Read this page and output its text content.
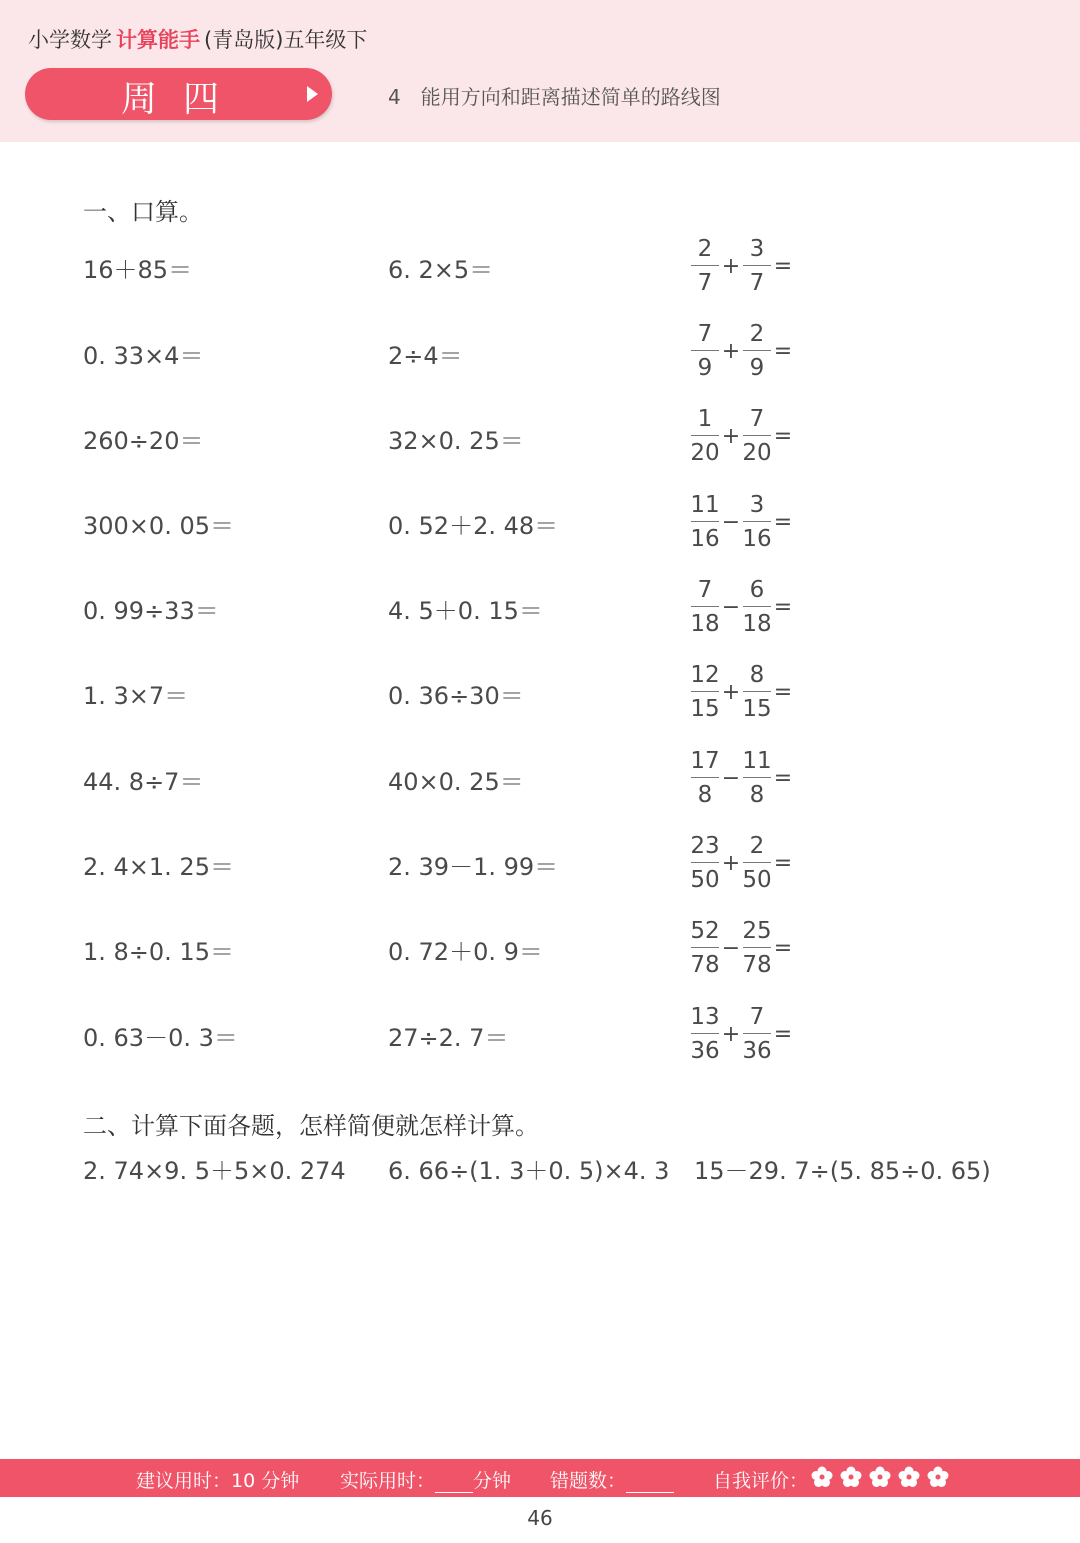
小学数学 计算能手 (青岛版)五年级下
周四	4　能用方向和距离描述简单的路线图
一、口算。
16＋85＝	6. 2×5＝	$\frac{2}{7} + \frac{3}{7}$ =
0. 33×4＝	2÷4＝	$\frac{7}{9} + \frac{2}{9}$ =
260÷20＝	32×0. 25＝	$\frac{1}{20} + \frac{7}{20}$ =
300×0. 05＝	0. 52＋2. 48＝	$\frac{11}{16} - \frac{3}{16}$ =
0. 99÷33＝	4. 5＋0. 15＝	$\frac{7}{18} - \frac{6}{18}$ =
1. 3×7＝	0. 36÷30＝	$\frac{12}{15} + \frac{8}{15}$ =
44. 8÷7＝	40×0. 25＝	$\frac{17}{8} - \frac{11}{8}$ =
2. 4×1. 25＝	2. 39－1. 99＝	$\frac{23}{50} + \frac{2}{50}$ =
1. 8÷0. 15＝	0. 72＋0. 9＝	$\frac{52}{78} - \frac{25}{78}$ =
0. 63－0. 3＝	27÷2. 7＝	$\frac{13}{36} + \frac{7}{36}$ =
二、计算下面各题，怎样简便就怎样计算。
2. 74×9. 5＋5×0. 274 6. 66÷(1. 3＋0. 5)×4. 3 15－29. 7÷(5. 85÷0. 65)
建议用时：10 分钟 实际用时： 分钟 错题数：	自我评价：
46
